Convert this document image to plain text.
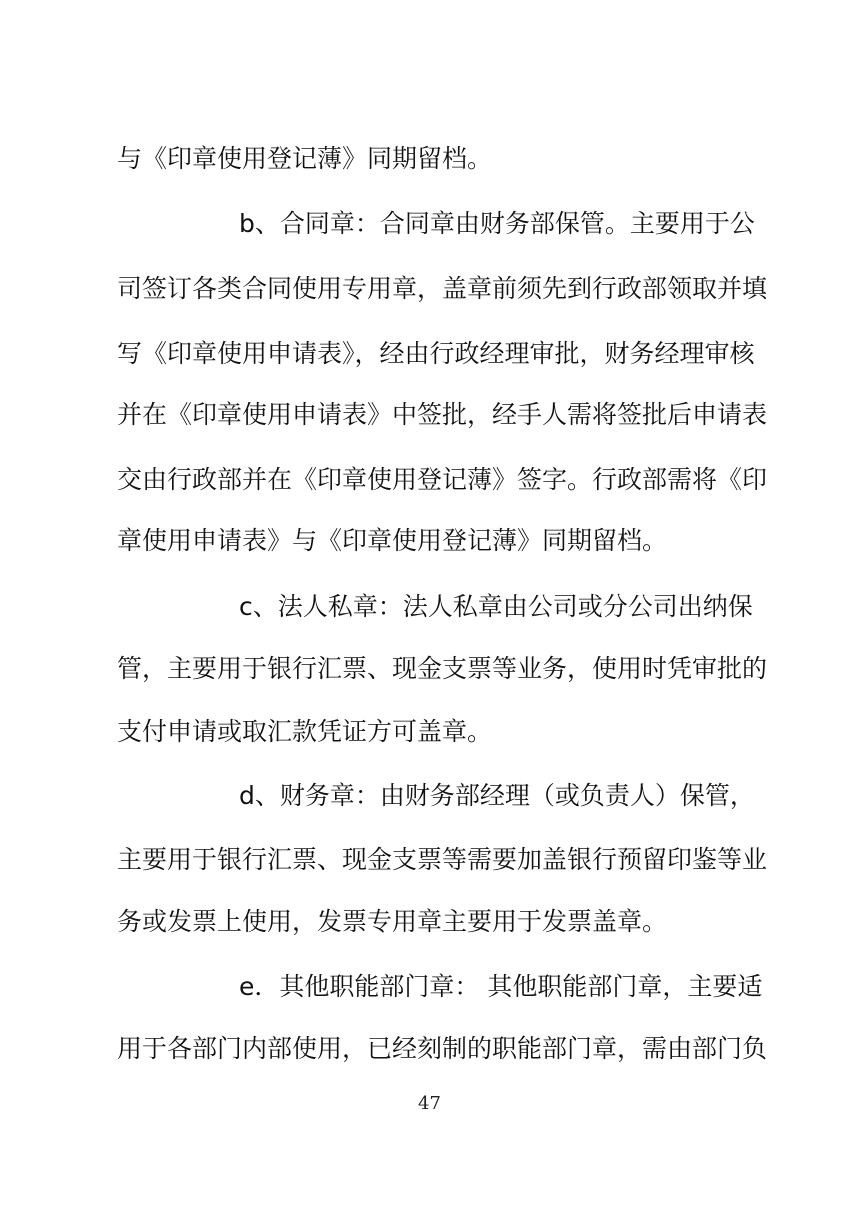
与《印章使用登记薄》同期留档。
b、合同章：合同章由财务部保管。主要用于公
司签订各类合同使用专用章，盖章前须先到行政部领取并填
写《印章使用申请表》，经由行政经理审批，财务经理审核
并在《印章使用申请表》中签批，经手人需将签批后申请表
交由行政部并在《印章使用登记薄》签字。行政部需将《印
章使用申请表》与《印章使用登记薄》同期留档。
c、法人私章：法人私章由公司或分公司出纳保
管，主要用于银行汇票、现金支票等业务，使用时凭审批的
支付申请或取汇款凭证方可盖章。
d、财务章：由财务部经理（或负责人）保管，
主要用于银行汇票、现金支票等需要加盖银行预留印鉴等业
务或发票上使用，发票专用章主要用于发票盖章。
e．其他职能部门章： 其他职能部门章，主要适
用于各部门内部使用，已经刻制的职能部门章，需由部门负
47
